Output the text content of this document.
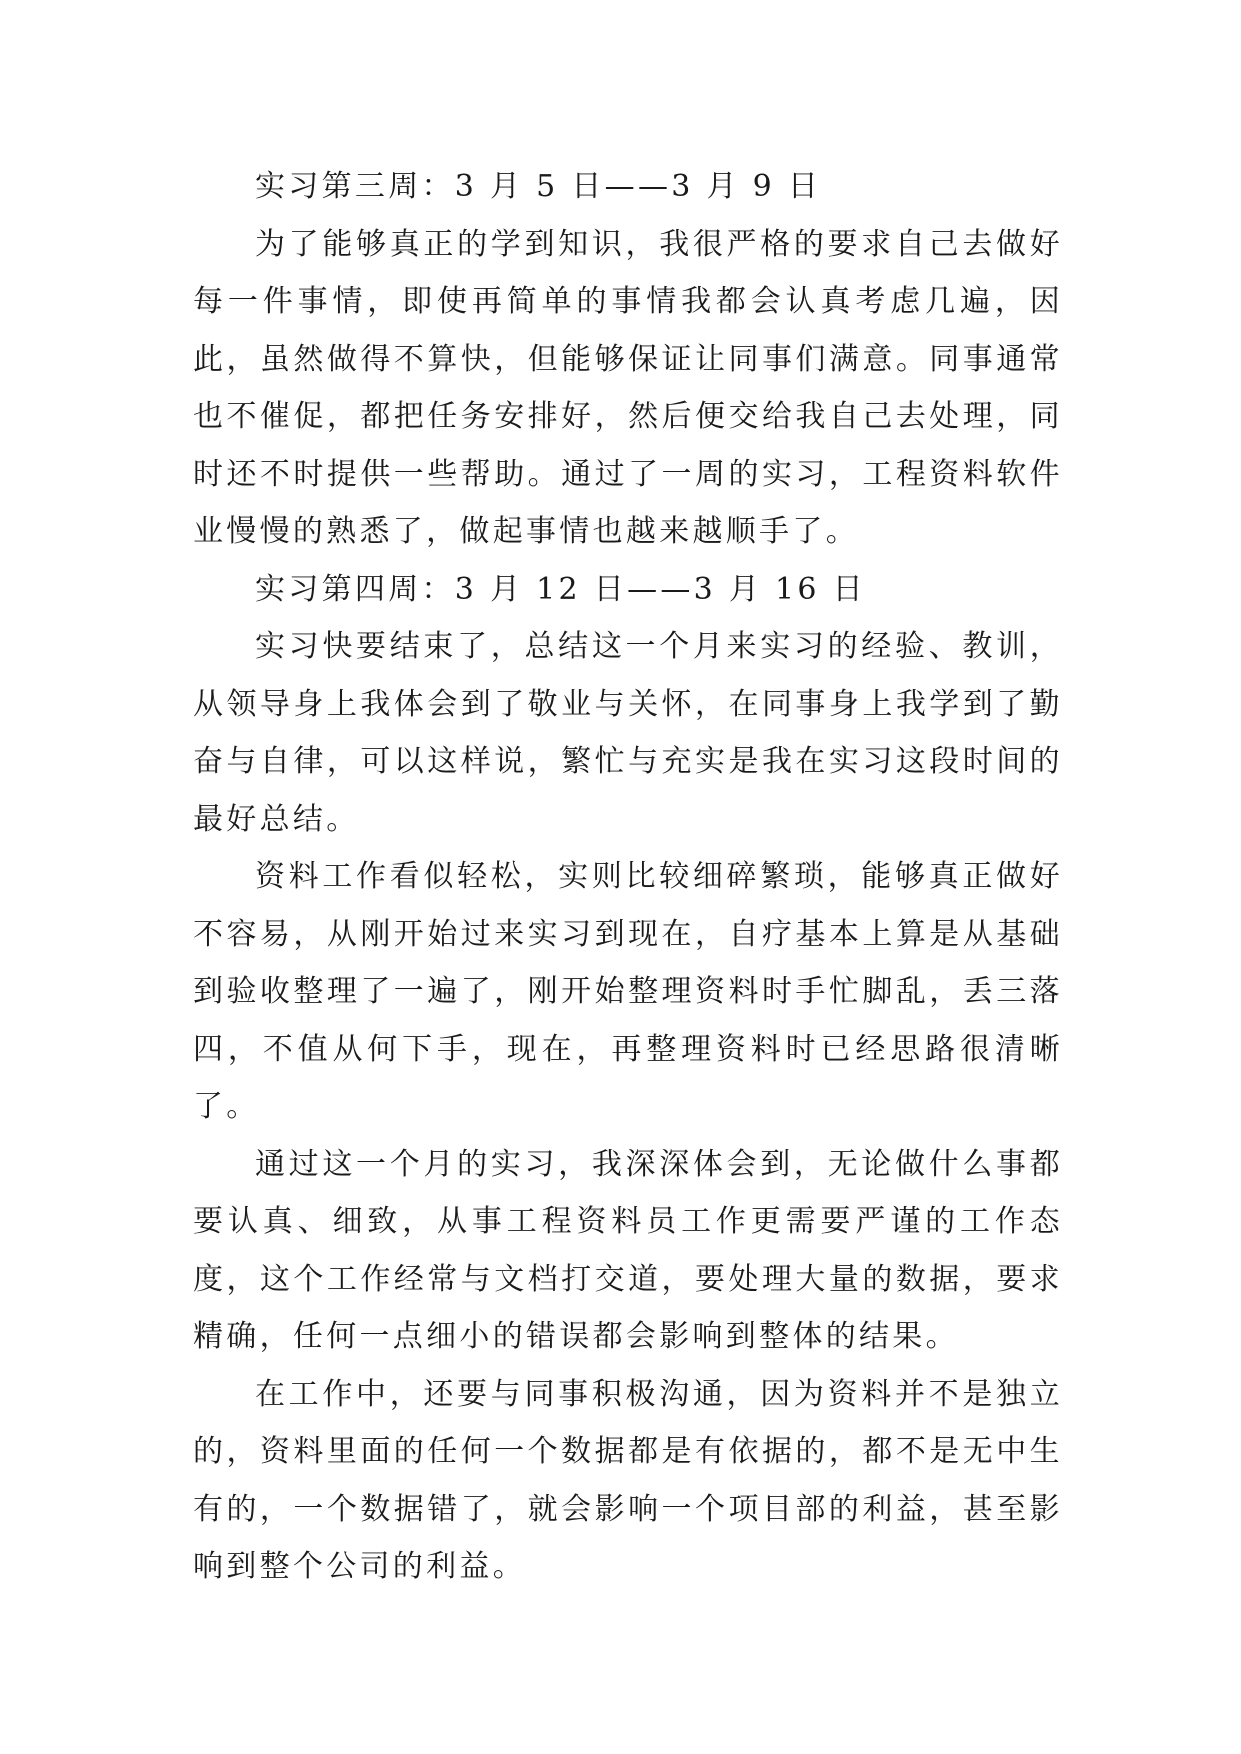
实习第三周：3 月 5 日——3 月 9 日

为了能够真正的学到知识，我很严格的要求自己去做好每一件事情，即使再简单的事情我都会认真考虑几遍，因此，虽然做得不算快，但能够保证让同事们满意。同事通常也不催促，都把任务安排好，然后便交给我自己去处理，同时还不时提供一些帮助。通过了一周的实习，工程资料软件业慢慢的熟悉了，做起事情也越来越顺手了。

实习第四周：3 月 12 日——3 月 16 日

实习快要结束了，总结这一个月来实习的经验、教训，从领导身上我体会到了敬业与关怀，在同事身上我学到了勤奋与自律，可以这样说，繁忙与充实是我在实习这段时间的最好总结。

资料工作看似轻松，实则比较细碎繁琐，能够真正做好不容易，从刚开始过来实习到现在，自疗基本上算是从基础到验收整理了一遍了，刚开始整理资料时手忙脚乱，丢三落四，不值从何下手，现在，再整理资料时已经思路很清晰了。

通过这一个月的实习，我深深体会到，无论做什么事都要认真、细致，从事工程资料员工作更需要严谨的工作态度，这个工作经常与文档打交道，要处理大量的数据，要求精确，任何一点细小的错误都会影响到整体的结果。

在工作中，还要与同事积极沟通，因为资料并不是独立的，资料里面的任何一个数据都是有依据的，都不是无中生有的，一个数据错了，就会影响一个项目部的利益，甚至影响到整个公司的利益。
